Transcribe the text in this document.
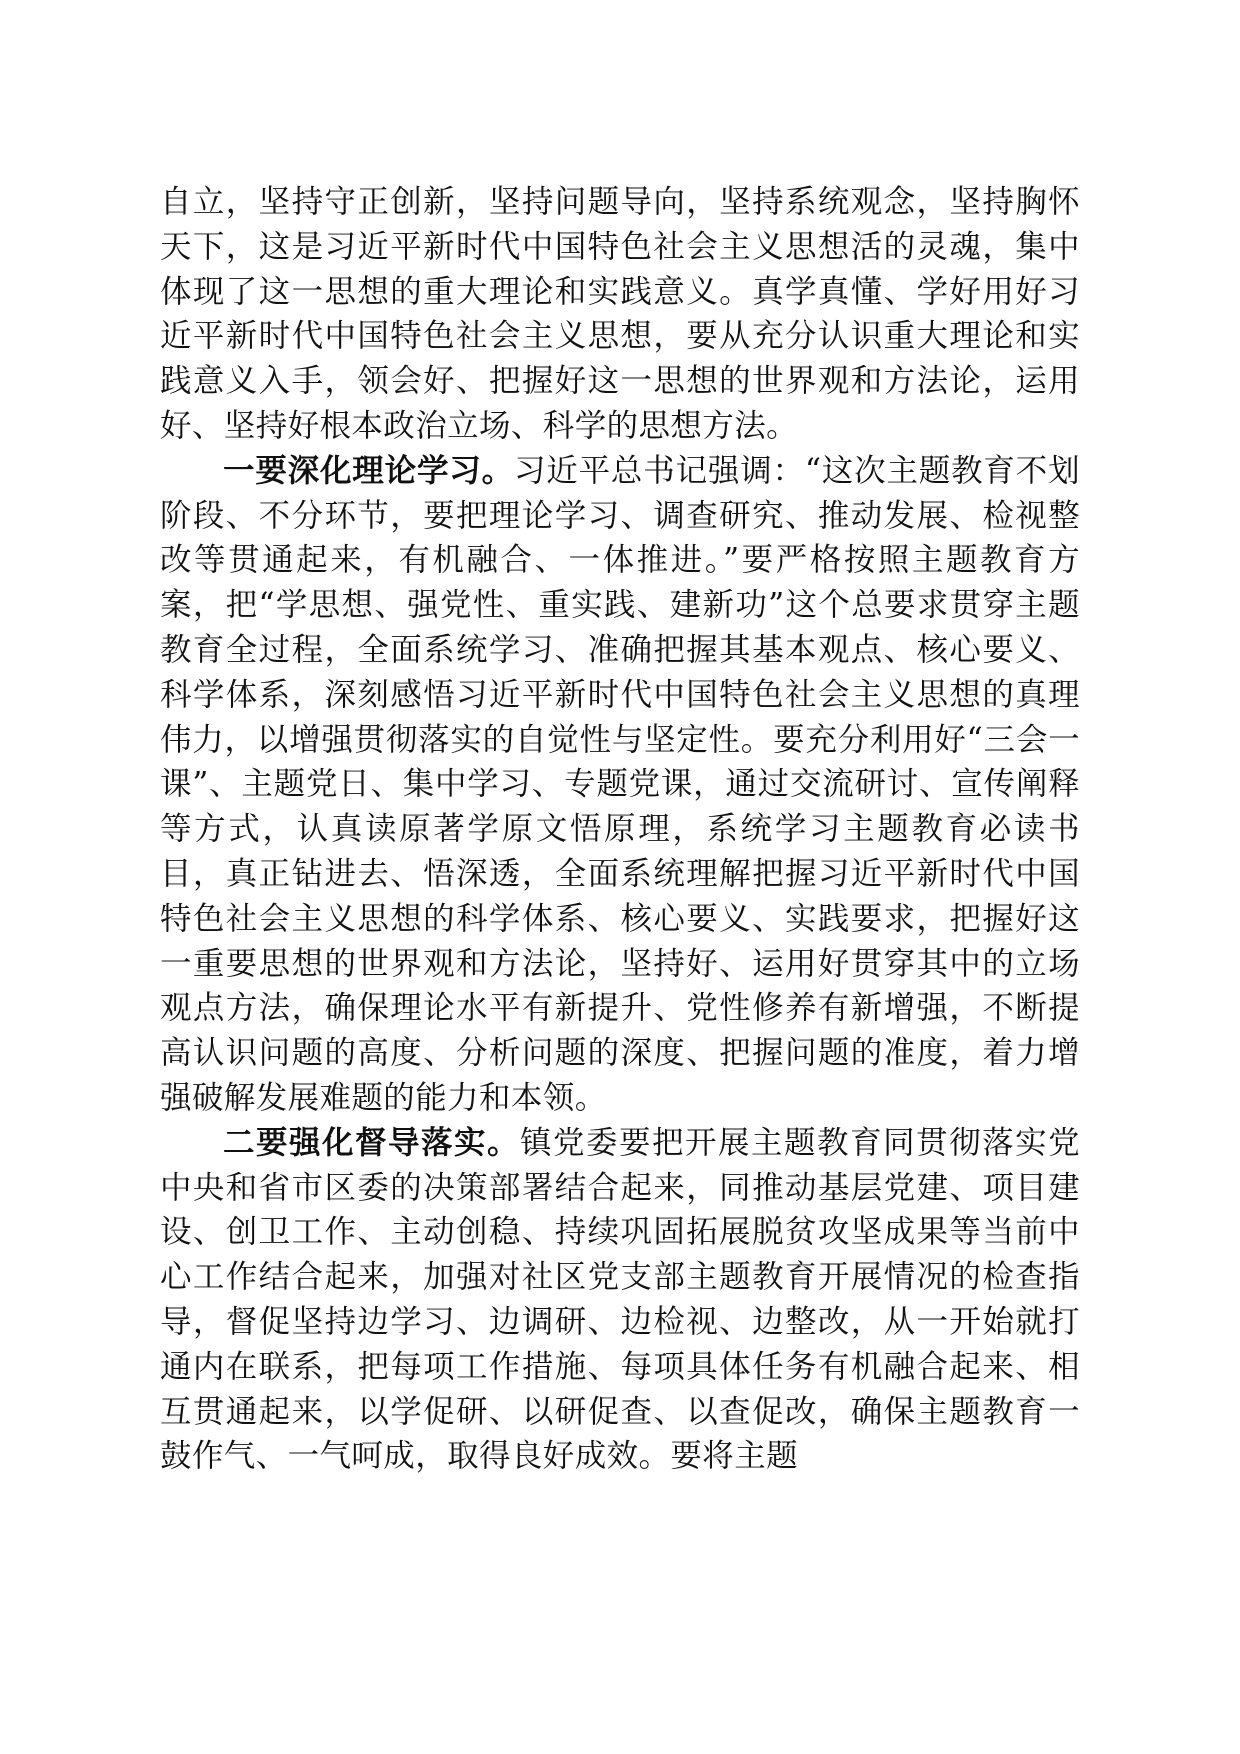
自立，坚持守正创新，坚持问题导向，坚持系统观念，坚持胸怀天下，这是习近平新时代中国特色社会主义思想活的灵魂，集中体现了这一思想的重大理论和实践意义。真学真懂、学好用好习近平新时代中国特色社会主义思想，要从充分认识重大理论和实践意义入手，领会好、把握好这一思想的世界观和方法论，运用好、坚持好根本政治立场、科学的思想方法。

一要深化理论学习。习近平总书记强调：“这次主题教育不划阶段、不分环节，要把理论学习、调查研究、推动发展、检视整改等贯通起来，有机融合、一体推进。”要严格按照主题教育方案，把“学思想、强党性、重实践、建新功”这个总要求贯穿主题教育全过程，全面系统学习、准确把握其基本观点、核心要义、科学体系，深刻感悟习近平新时代中国特色社会主义思想的真理伟力，以增强贯彻落实的自觉性与坚定性。要充分利用好“三会一课”、主题党日、集中学习、专题党课，通过交流研讨、宣传阐释等方式，认真读原著学原文悟原理，系统学习主题教育必读书目，真正钻进去、悟深透，全面系统理解把握习近平新时代中国特色社会主义思想的科学体系、核心要义、实践要求，把握好这一重要思想的世界观和方法论，坚持好、运用好贯穿其中的立场观点方法，确保理论水平有新提升、党性修养有新增强，不断提高认识问题的高度、分析问题的深度、把握问题的准度，着力增强破解发展难题的能力和本领。

二要强化督导落实。镇党委要把开展主题教育同贯彻落实党中央和省市区委的决策部署结合起来，同推动基层党建、项目建设、创卫工作、主动创稳、持续巩固拓展脱贫攻坚成果等当前中心工作结合起来，加强对社区党支部主题教育开展情况的检查指导，督促坚持边学习、边调研、边检视、边整改，从一开始就打通内在联系，把每项工作措施、每项具体任务有机融合起来、相互贯通起来，以学促研、以研促查、以查促改，确保主题教育一鼓作气、一气呵成，取得良好成效。要将主题
